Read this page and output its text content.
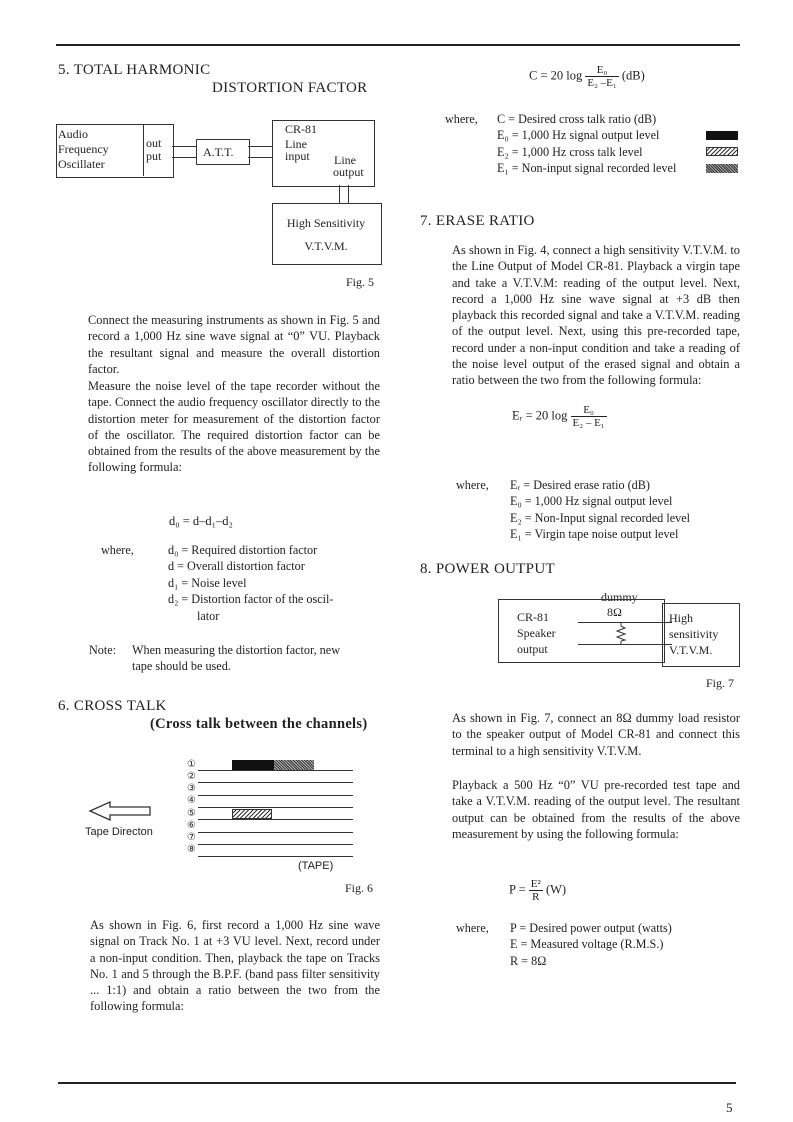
5. TOTAL HARMONIC
DISTORTION FACTOR
Audio
Frequency
Oscillater
out
put	A.T.T.
CR-81
Line
input Line
output
High Sensitivity
V.T.V.M.
Fig. 5
Connect the measuring instruments as shown in Fig. 5 and record a 1,000 Hz sine wave signal at “0” VU. Playback the resultant signal and measure the overall distortion factor.
Measure the noise level of the tape recorder without the tape. Connect the audio frequency oscillator directly to the distortion meter for measurement of the distortion factor of the oscillator. The required distortion factor can be obtained from the results of the above measurement by the following formula:
d₀ = d–d₁–d₂
where,	d₀ = Required distortion factor
d = Overall distortion factor
d₁ = Noise level
d₂ = Distortion factor of the oscil-
lator
Note: When measuring the distortion factor, new
tape should be used.
6. CROSS TALK
(Cross talk between the channels)
①
②
③
④
⑤
⑥
⑦
⑧
Tape Directon
(TAPE)
Fig. 6
As shown in Fig. 6, first record a 1,000 Hz sine wave signal on Track No. 1 at +3 VU level. Next, record under a non-input condition. Then, playback the tape on Tracks No. 1 and 5 through the B.P.F. (band pass filter sensitivity ... 1:1) and obtain a ratio between the two from the following formula:
C = 20 $\log \frac{\text{E₀}}{\text{E₂ –E₁}} (dB)$
where, C = Desired cross talk ratio (dB)
E₀ = 1,000 Hz signal output level
E₂ = 1,000 Hz cross talk level
E₁ = Non-input signal recorded level
7. ERASE RATIO
As shown in Fig. 4, connect a high sensitivity V.T.V.M. to the Line Output of Model CR-81. Playback a virgin tape and take a V.T.V.M: reading of the output level. Next, record a 1,000 Hz sine wave signal at +3 dB then playback this recorded signal and take a V.T.V.M. reading of the output level. Next, using this pre-recorded tape, record under a non-input condition and take a reading of the noise level output of the erased signal and obtain a ratio between the two from the following formula:
Eᵣ = 20 $\log \frac{\text{E₀}}{\text{E₂ – E₁}}$
where, Eᵣ = Desired erase ratio (dB)
E₀ = 1,000 Hz signal output level
E₂ = Non-Input signal recorded level
E₁ = Virgin tape noise output level
8. POWER OUTPUT
dummy
8Ω
CR-81
Speaker
output
High
sensitivity
V.T.V.M.
Fig. 7
As shown in Fig. 7, connect an 8Ω dummy load resistor to the speaker output of Model CR-81 and connect this terminal to a high sensitivity V.T.V.M.
Playback a 500 Hz “0” VU pre-recorded test tape and take a V.T.V.M. reading of the output level. The resultant output can be obtained from the results of the above measurement by using the following formula:
$P = \frac{\text{E²}}{R} (W)$
where, P = Desired power output (watts)
E = Measured voltage (R.M.S.)
R = 8Ω
5
